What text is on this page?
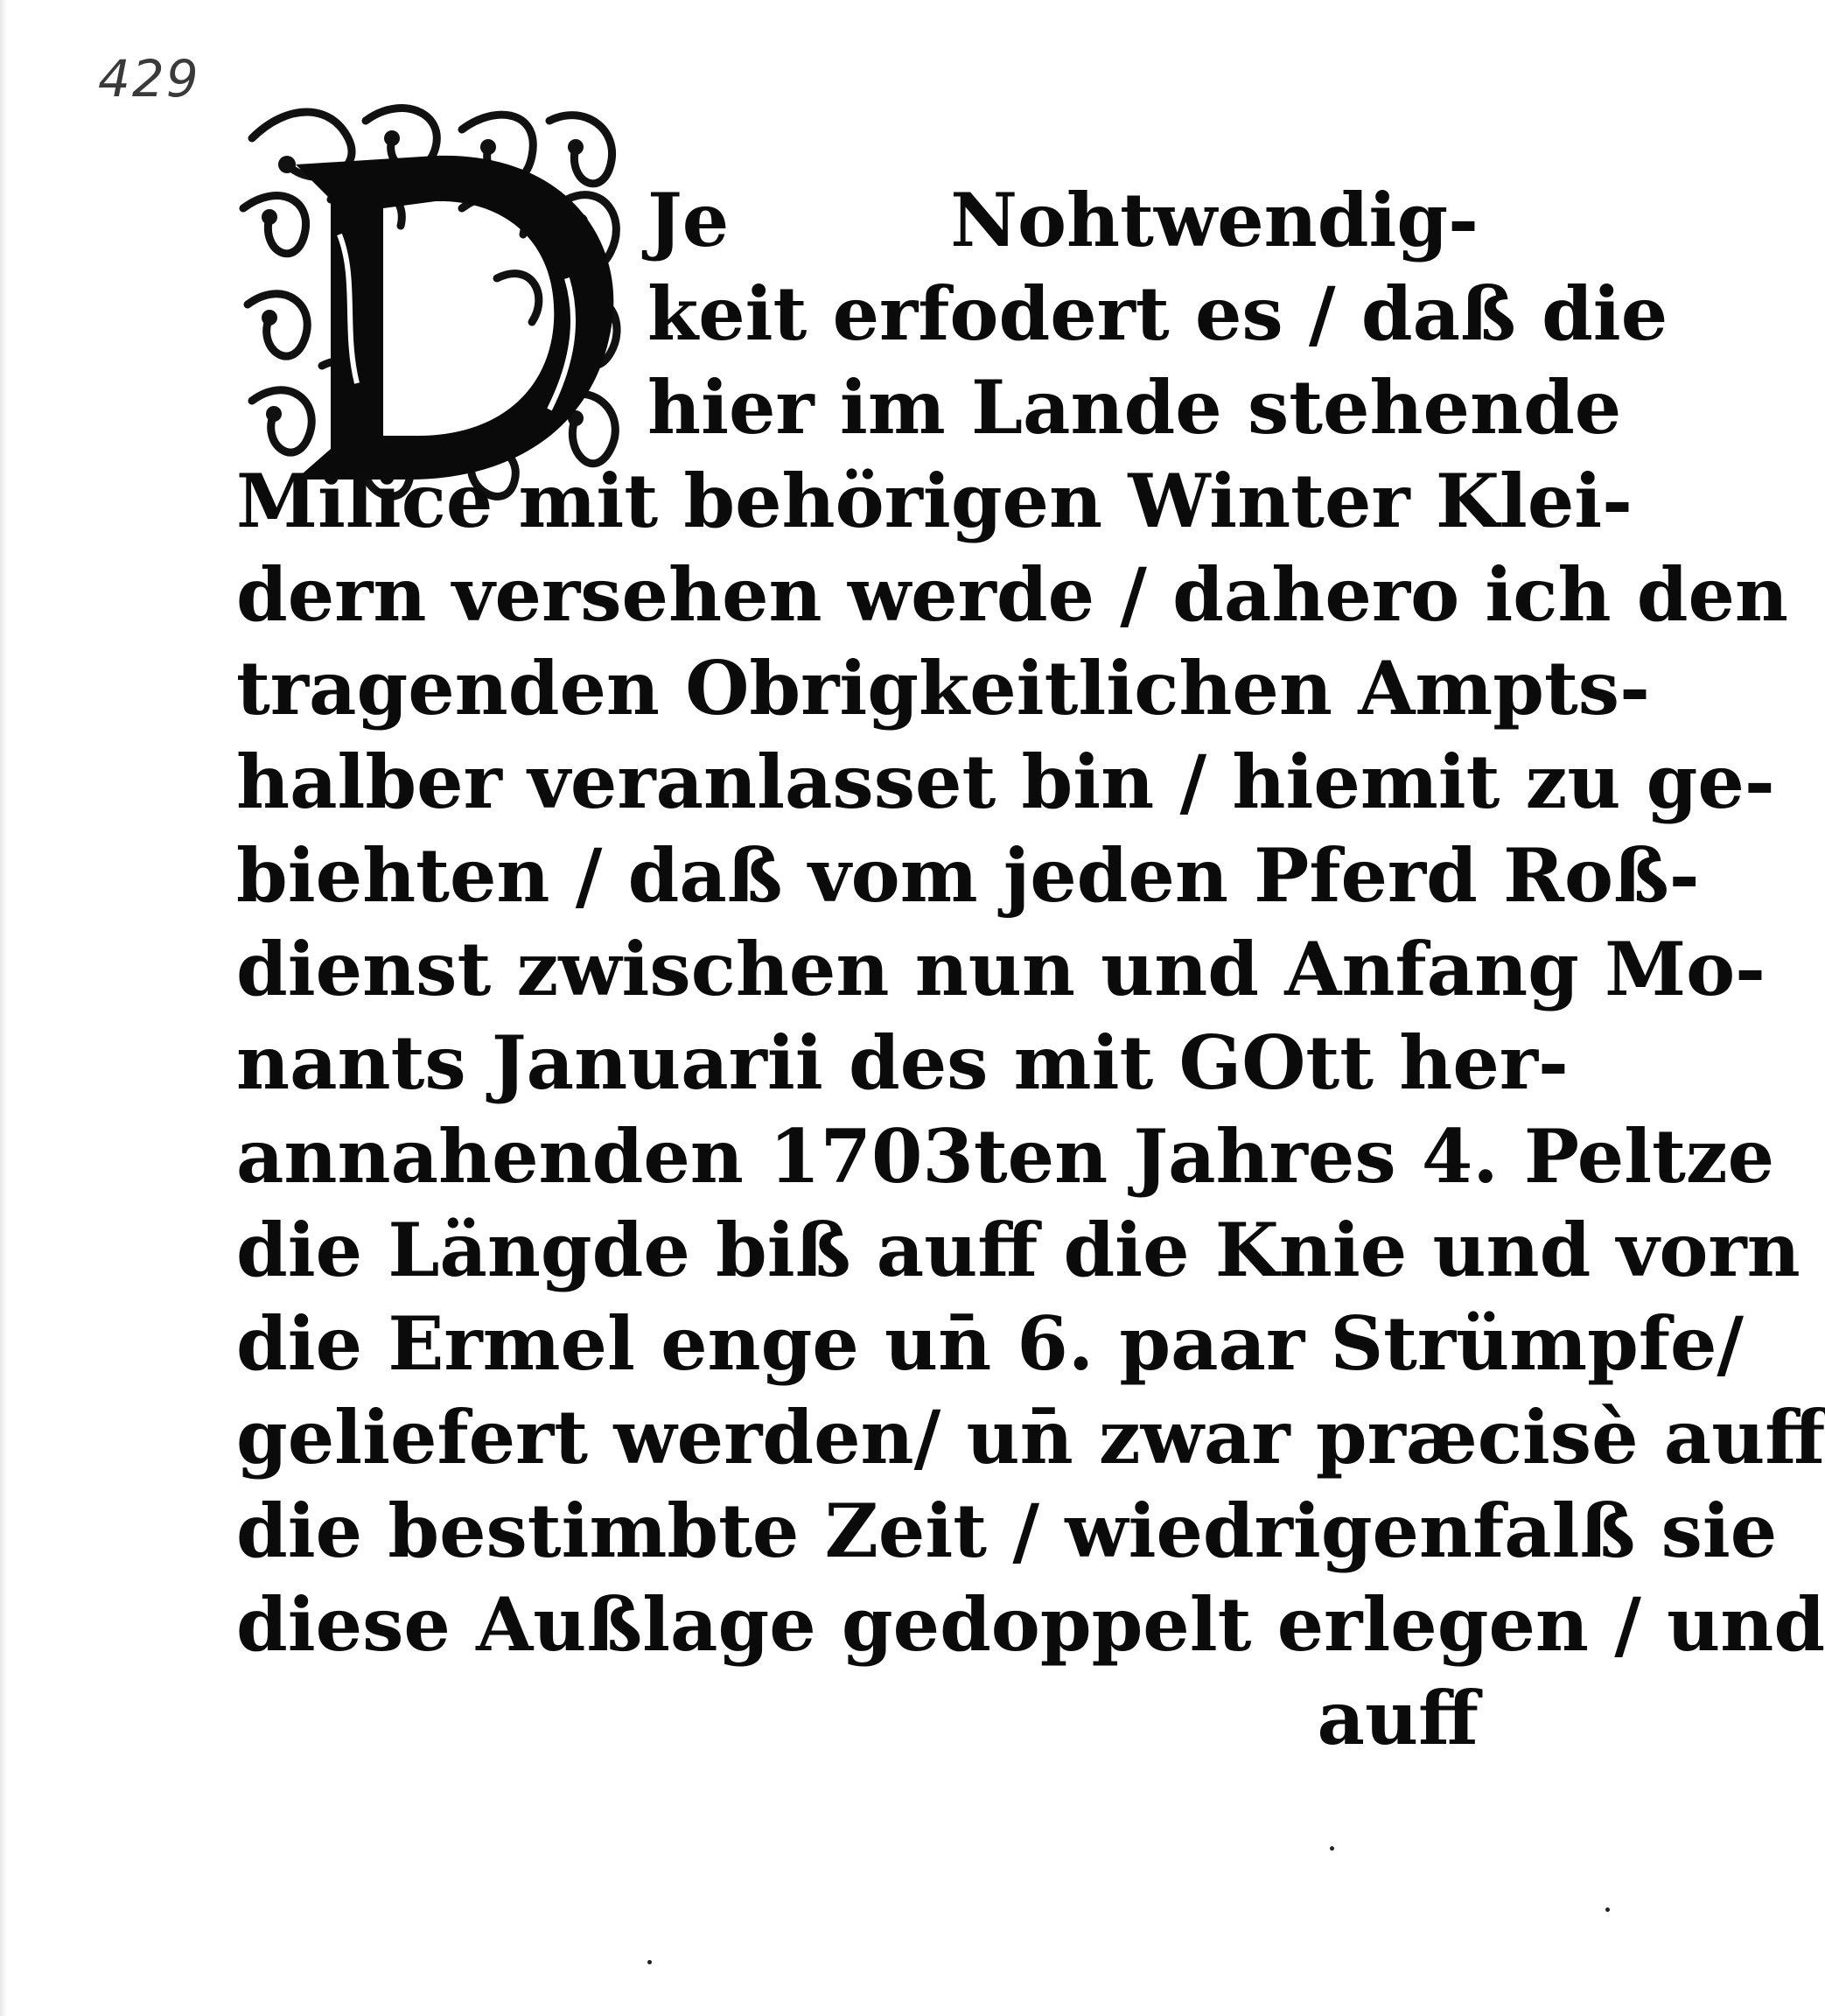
429
Je Nohtwendig-
keit erfodert es / daß die
hier im Lande stehende
Milice mit behörigen Winter Klei-
dern versehen werde / dahero ich den
tragenden Obrigkeitlichen Ampts-
halber veranlasset bin / hiemit zu ge-
biehten / daß vom jeden Pferd Roß-
dienst zwischen nun und Anfang Mo-
nants Januarii des mit GOtt her-
annahenden 1703ten Jahres 4. Peltze
die Längde biß auff die Knie und vorn
die Ermel enge un̄ 6. paar Strümpfe/
geliefert werden/ un̄ zwar præcisè auff
die bestimbte Zeit / wiedrigenfalß sie
diese Außlage gedoppelt erlegen / und
auff
